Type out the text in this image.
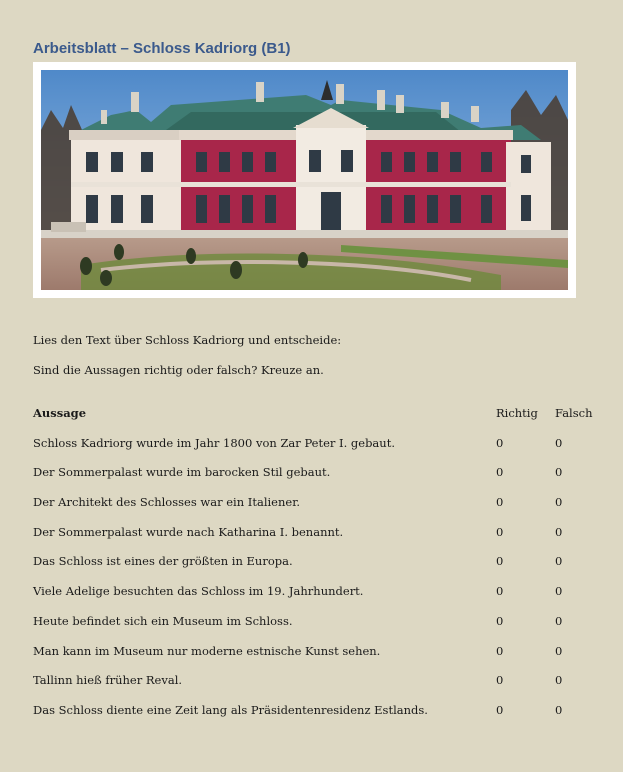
Arbeitsblatt – Schloss Kadriorg (B1)
Lies den Text über Schloss Kadriorg und entscheide:
Sind die Aussagen richtig oder falsch? Kreuze an.
Aussage	Richtig Falsch
Schloss Kadriorg wurde im Jahr 1800 von Zar Peter I. gebaut.	0	0
Der Sommerpalast wurde im barocken Stil gebaut.	0	0
Der Architekt des Schlosses war ein Italiener.	0	0
Der Sommerpalast wurde nach Katharina I. benannt.	0	0
Das Schloss ist eines der größten in Europa.	0	0
Viele Adelige besuchten das Schloss im 19. Jahrhundert.	0	0
Heute befindet sich ein Museum im Schloss.	0	0
Man kann im Museum nur moderne estnische Kunst sehen.	0	0
Tallinn hieß früher Reval.	0	0
Das Schloss diente eine Zeit lang als Präsidentenresidenz Estlands.	0	0
